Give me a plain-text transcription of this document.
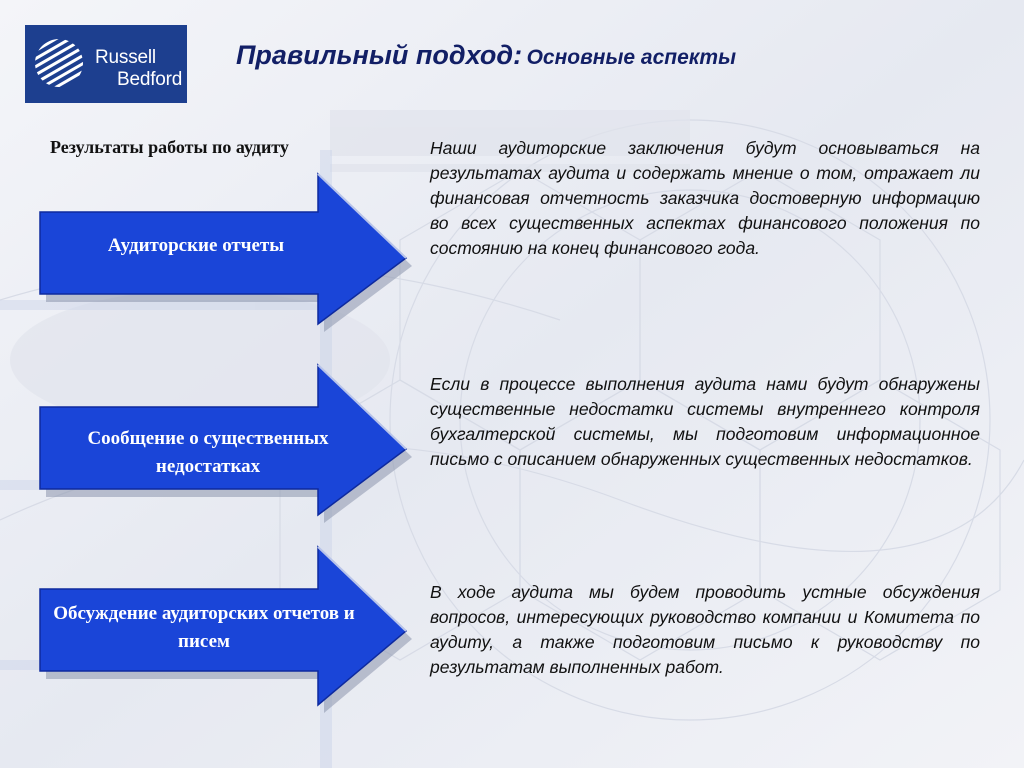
Russell
Bedford
Правильный подход: Основные аспекты
Результаты работы по аудиту
Аудиторские отчеты
Сообщение о существенных недостатках
Обсуждение аудиторских отчетов и писем

Наши аудиторские заключения будут основываться на результатах аудита и содержать мнение о том, отражает ли финансовая отчетность заказчика достоверную информацию во всех существенных аспектах финансового положения по состоянию на конец финансового года.

Если в процессе выполнения аудита нами будут обнаружены существенные недостатки системы внутреннего контроля бухгалтерской системы, мы подготовим информационное письмо с описанием обнаруженных существенных недостатков.

В ходе аудита мы будем проводить устные обсуждения вопросов, интересующих руководство компании и Комитета по аудиту, а также подготовим письмо к руководству по результатам выполненных работ.
